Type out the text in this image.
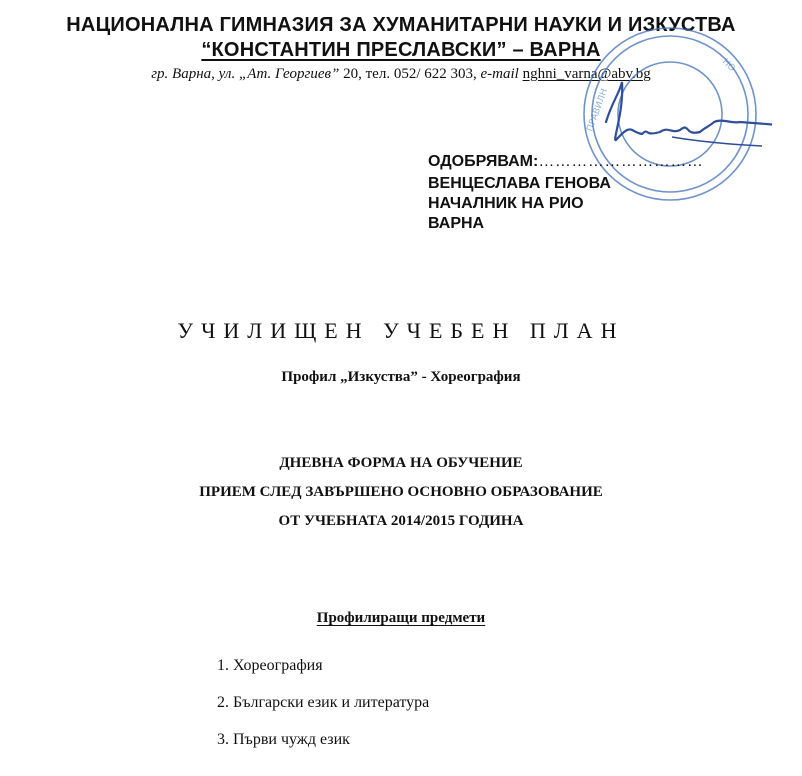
НАЦИОНАЛНА ГИМНАЗИЯ ЗА ХУМАНИТАРНИ НАУКИ И ИЗКУСТВА
“КОНСТАНТИН ПРЕСЛАВСКИ” – ВАРНА
гр. Варна, ул. „Ат. Георгиев” 20, тел. 052/ 622 303, e-mail nghni_varna@abv.bg
ПРАВИЛН
НО
ОДОБРЯВАМ:…………………………
ВЕНЦЕСЛАВА ГЕНОВА
НАЧАЛНИК НА РИО
ВАРНА
УЧИЛИЩЕН УЧЕБЕН ПЛАН
Профил „Изкуства” - Хореография
ДНЕВНА ФОРМА НА ОБУЧЕНИЕ
ПРИЕМ СЛЕД ЗАВЪРШЕНО ОСНОВНО ОБРАЗОВАНИЕ
ОТ УЧЕБНАТА 2014/2015 ГОДИНА
Профилиращи предмети
1. Хореография
2. Български език и литература
3. Първи чужд език
